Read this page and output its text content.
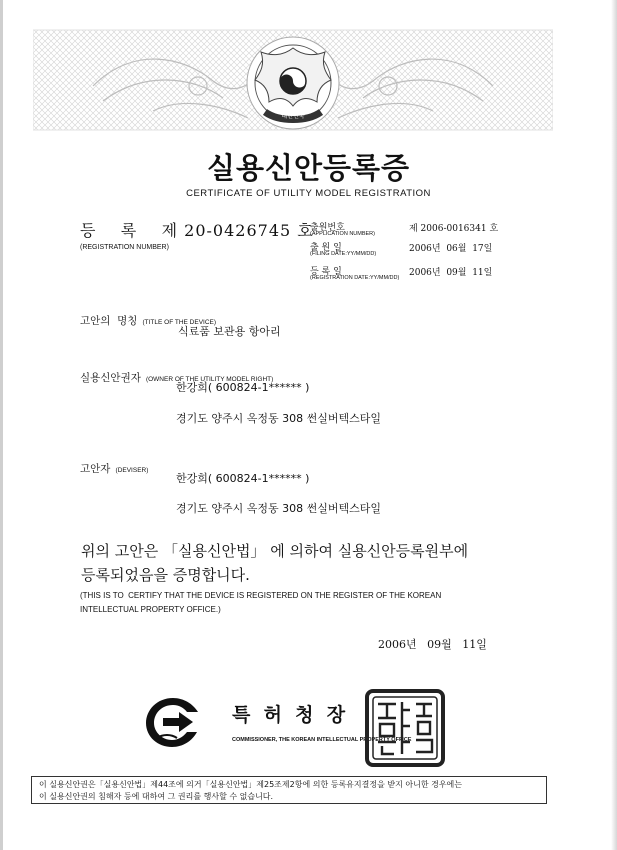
대한민국
실용신안등록증
CERTIFICATE OF UTILITY MODEL REGISTRATION
등    록    제 20-0426745 호
(REGISTRATION NUMBER)
출원번호
(APPLICATION NUMBER)	제 2006-0016341 호
출 원 일
(FILING DATE:YY/MM/DD)	2006년  06월  17일
등 록 일
(REGISTRATION DATE:YY/MM/DD) 2006년  09월  11일
고안의  명칭 (TITLE OF THE DEVICE)
식료품 보관용 항아리
실용신안권자 (OWNER OF THE UTILITY MODEL RIGHT)
한강희( 600824-1****** )
경기도 양주시 옥정동 308 썬실버텍스타일
고안자 (DEVISER)
한강희( 600824-1****** )
경기도 양주시 옥정동 308 썬실버텍스타일
위의 고안은 「실용신안법」 에 의하여 실용신안등록원부에
등록되었음을 증명합니다.
(THIS IS TO  CERTIFY THAT THE DEVICE IS REGISTERED ON THE REGISTER OF THE KOREAN
INTELLECTUAL PROPERTY OFFICE.)
2006년   09월   11일
특  허  청  장
COMMISSIONER, THE KOREAN INTELLECTUAL PROPERTY OFFICE
이 실용신안권은「실용신안법」제44조에 의거「실용신안법」제25조제2항에 의한 등록유지결정을 받지 아니한 경우에는
이 실용신안권의 침해자 등에 대하여 그 권리를 행사할 수 없습니다.
